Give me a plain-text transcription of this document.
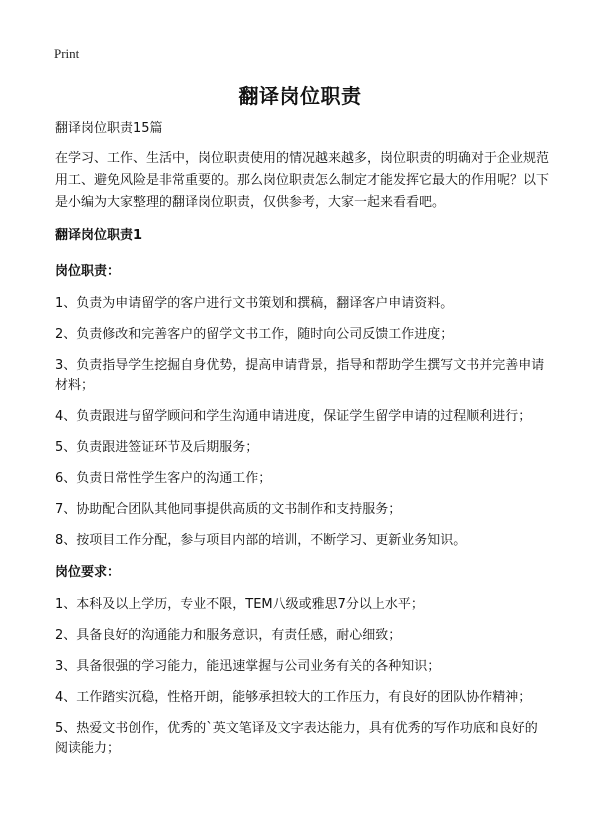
Print
翻译岗位职责

翻译岗位职责15篇

在学习、工作、生活中，岗位职责使用的情况越来越多，岗位职责的明确对于企业规范用工、避免风险是非常重要的。那么岗位职责怎么制定才能发挥它最大的作用呢？以下是小编为大家整理的翻译岗位职责，仅供参考，大家一起来看看吧。

翻译岗位职责1

岗位职责：

1、负责为申请留学的客户进行文书策划和撰稿，翻译客户申请资料。

2、负责修改和完善客户的留学文书工作，随时向公司反馈工作进度；

3、负责指导学生挖掘自身优势，提高申请背景，指导和帮助学生撰写文书并完善申请材料；

4、负责跟进与留学顾问和学生沟通申请进度，保证学生留学申请的过程顺利进行；

5、负责跟进签证环节及后期服务；

6、负责日常性学生客户的沟通工作；

7、协助配合团队其他同事提供高质的文书制作和支持服务；

8、按项目工作分配，参与项目内部的培训，不断学习、更新业务知识。

岗位要求：

1、本科及以上学历，专业不限，TEM八级或雅思7分以上水平；

2、具备良好的沟通能力和服务意识，有责任感，耐心细致；

3、具备很强的学习能力，能迅速掌握与公司业务有关的各种知识；

4、工作踏实沉稳，性格开朗，能够承担较大的工作压力，有良好的团队协作精神；

5、热爱文书创作，优秀的`英文笔译及文字表达能力，具有优秀的写作功底和良好的阅读能力；
